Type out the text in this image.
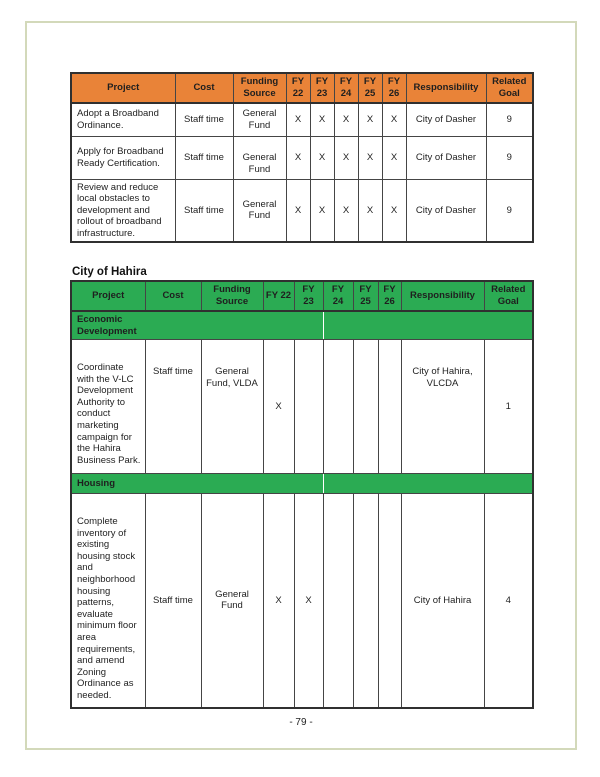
Project	Cost	Funding Source	FY 22	FY 23	FY 24	FY 25	FY 26	Responsibility	Related Goal
Adopt a Broadband Ordinance.	Staff time	General Fund	X	X	X	X	X	City of Dasher	9
Apply for Broadband Ready Certification.	Staff time	General Fund	X	X	X	X	X	City of Dasher	9
Review and reduce local obstacles to development and rollout of broadband infrastructure.	Staff time	General Fund	X	X	X	X	X	City of Dasher	9
City of Hahira
Project	Cost	Funding Source	FY 22	FY 23	FY 24	FY 25	FY 26	Responsibility	Related Goal

Economic Development									

Coordinate with the V-LC Development Authority to conduct marketing campaign for the Hahira Business Park.	Staff time	General Fund, VLDA	X					City of Hahira, VLCDA	1
Housing									
Complete inventory of existing housing stock and neighborhood housing patterns, evaluate minimum floor area requirements, and amend Zoning Ordinance as needed.	Staff time	General Fund	X	X				City of Hahira	4
- 79 -
